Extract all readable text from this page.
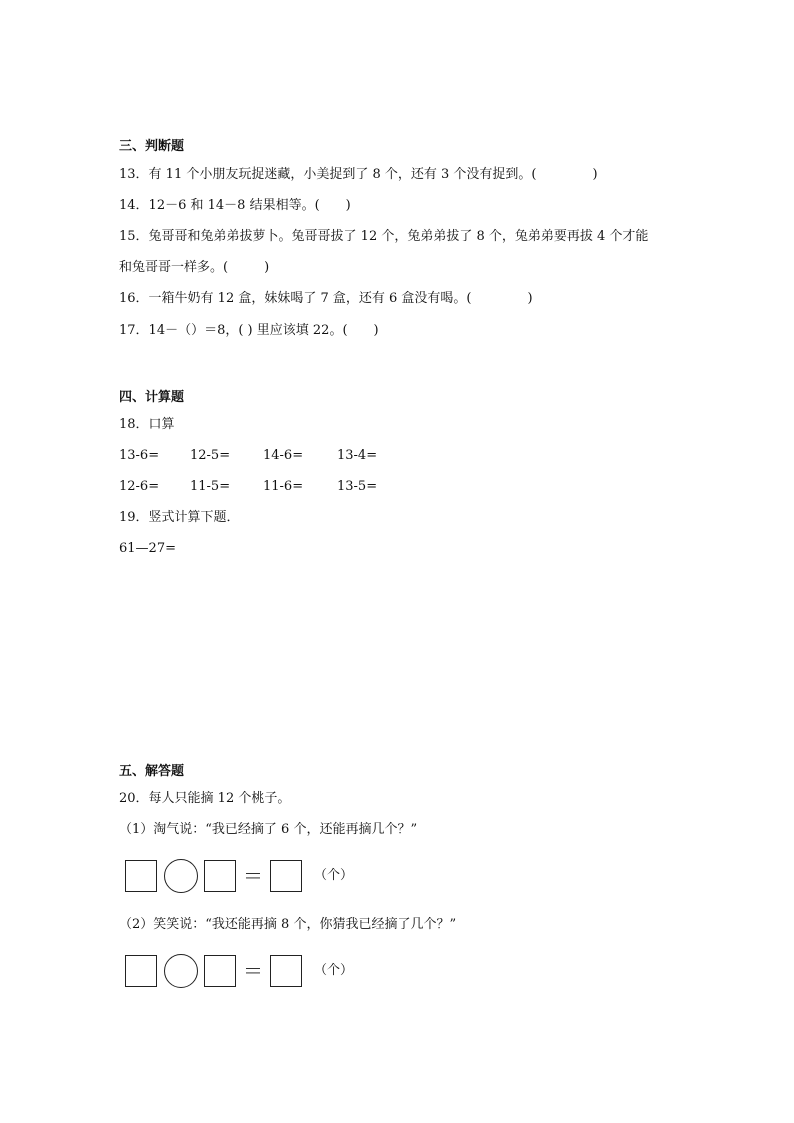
三、判断题
13．有 11 个小朋友玩捉迷藏，小美捉到了 8 个，还有 3 个没有捉到。(	)
14．12－6 和 14－8 结果相等。( )
15．兔哥哥和兔弟弟拔萝卜。兔哥哥拔了 12 个，兔弟弟拔了 8 个，兔弟弟要再拔 4 个才能
和兔哥哥一样多。(	)
16．一箱牛奶有 12 盒，妹妹喝了 7 盒，还有 6 盒没有喝。(	)
17．14－（）＝8，( ) 里应该填 22。( )
四、计算题
18．口算
13-6= 12-5=	14-6=	13-4=
12-6= 11-5=	11-6=	13-5=
19．竖式计算下题．
61—27=
五、解答题
20．每人只能摘 12 个桃子。
（1）淘气说：“我已经摘了 6 个，还能再摘几个？”
＝	（个）
（2）笑笑说：“我还能再摘 8 个，你猜我已经摘了几个？”
＝	（个）
